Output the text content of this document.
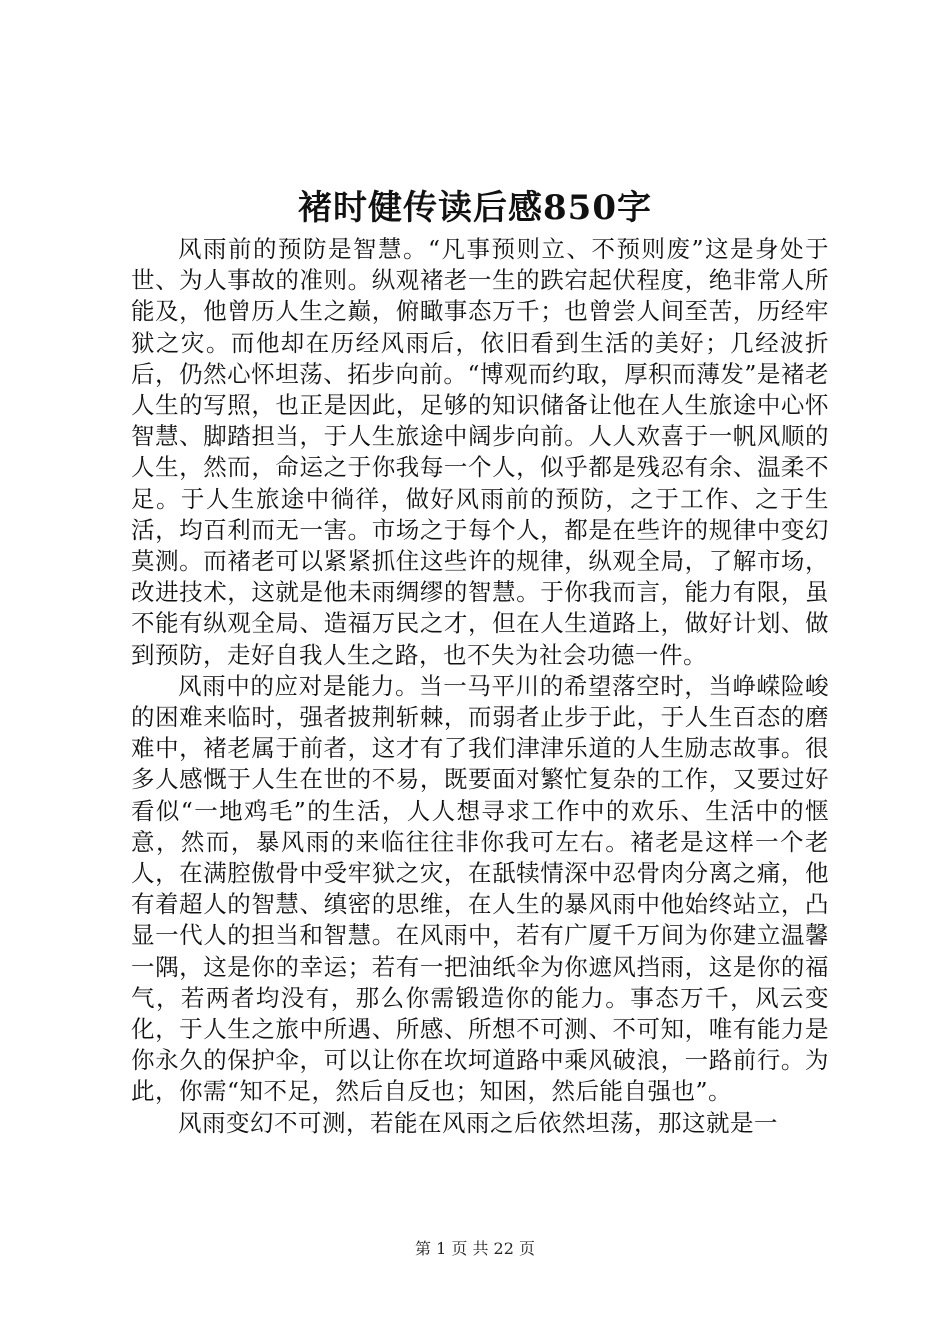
褚时健传读后感850字

风雨前的预防是智慧。“凡事预则立、不预则废”这是身处于世、为人事故的准则。纵观褚老一生的跌宕起伏程度，绝非常人所能及，他曾历人生之巅，俯瞰事态万千；也曾尝人间至苦，历经牢狱之灾。而他却在历经风雨后，依旧看到生活的美好；几经波折后，仍然心怀坦荡、拓步向前。“博观而约取，厚积而薄发”是褚老人生的写照，也正是因此，足够的知识储备让他在人生旅途中心怀智慧、脚踏担当，于人生旅途中阔步向前。人人欢喜于一帆风顺的人生，然而，命运之于你我每一个人，似乎都是残忍有余、温柔不足。于人生旅途中徜徉，做好风雨前的预防，之于工作、之于生活，均百利而无一害。市场之于每个人，都是在些许的规律中变幻莫测。而褚老可以紧紧抓住这些许的规律，纵观全局，了解市场，改进技术，这就是他未雨绸缪的智慧。于你我而言，能力有限，虽不能有纵观全局、造福万民之才，但在人生道路上，做好计划、做到预防，走好自我人生之路，也不失为社会功德一件。

风雨中的应对是能力。当一马平川的希望落空时，当峥嵘险峻的困难来临时，强者披荆斩棘，而弱者止步于此，于人生百态的磨难中，褚老属于前者，这才有了我们津津乐道的人生励志故事。很多人感慨于人生在世的不易，既要面对繁忙复杂的工作，又要过好看似“一地鸡毛”的生活，人人想寻求工作中的欢乐、生活中的惬意，然而，暴风雨的来临往往非你我可左右。褚老是这样一个老人，在满腔傲骨中受牢狱之灾，在舐犊情深中忍骨肉分离之痛，他有着超人的智慧、缜密的思维，在人生的暴风雨中他始终站立，凸显一代人的担当和智慧。在风雨中，若有广厦千万间为你建立温馨一隅，这是你的幸运；若有一把油纸伞为你遮风挡雨，这是你的福气，若两者均没有，那么你需锻造你的能力。事态万千，风云变化，于人生之旅中所遇、所感、所想不可测、不可知，唯有能力是你永久的保护伞，可以让你在坎坷道路中乘风破浪，一路前行。为此，你需“知不足，然后自反也；知困，然后能自强也”。

风雨变幻不可测，若能在风雨之后依然坦荡，那这就是一

第 1 页 共 22 页
